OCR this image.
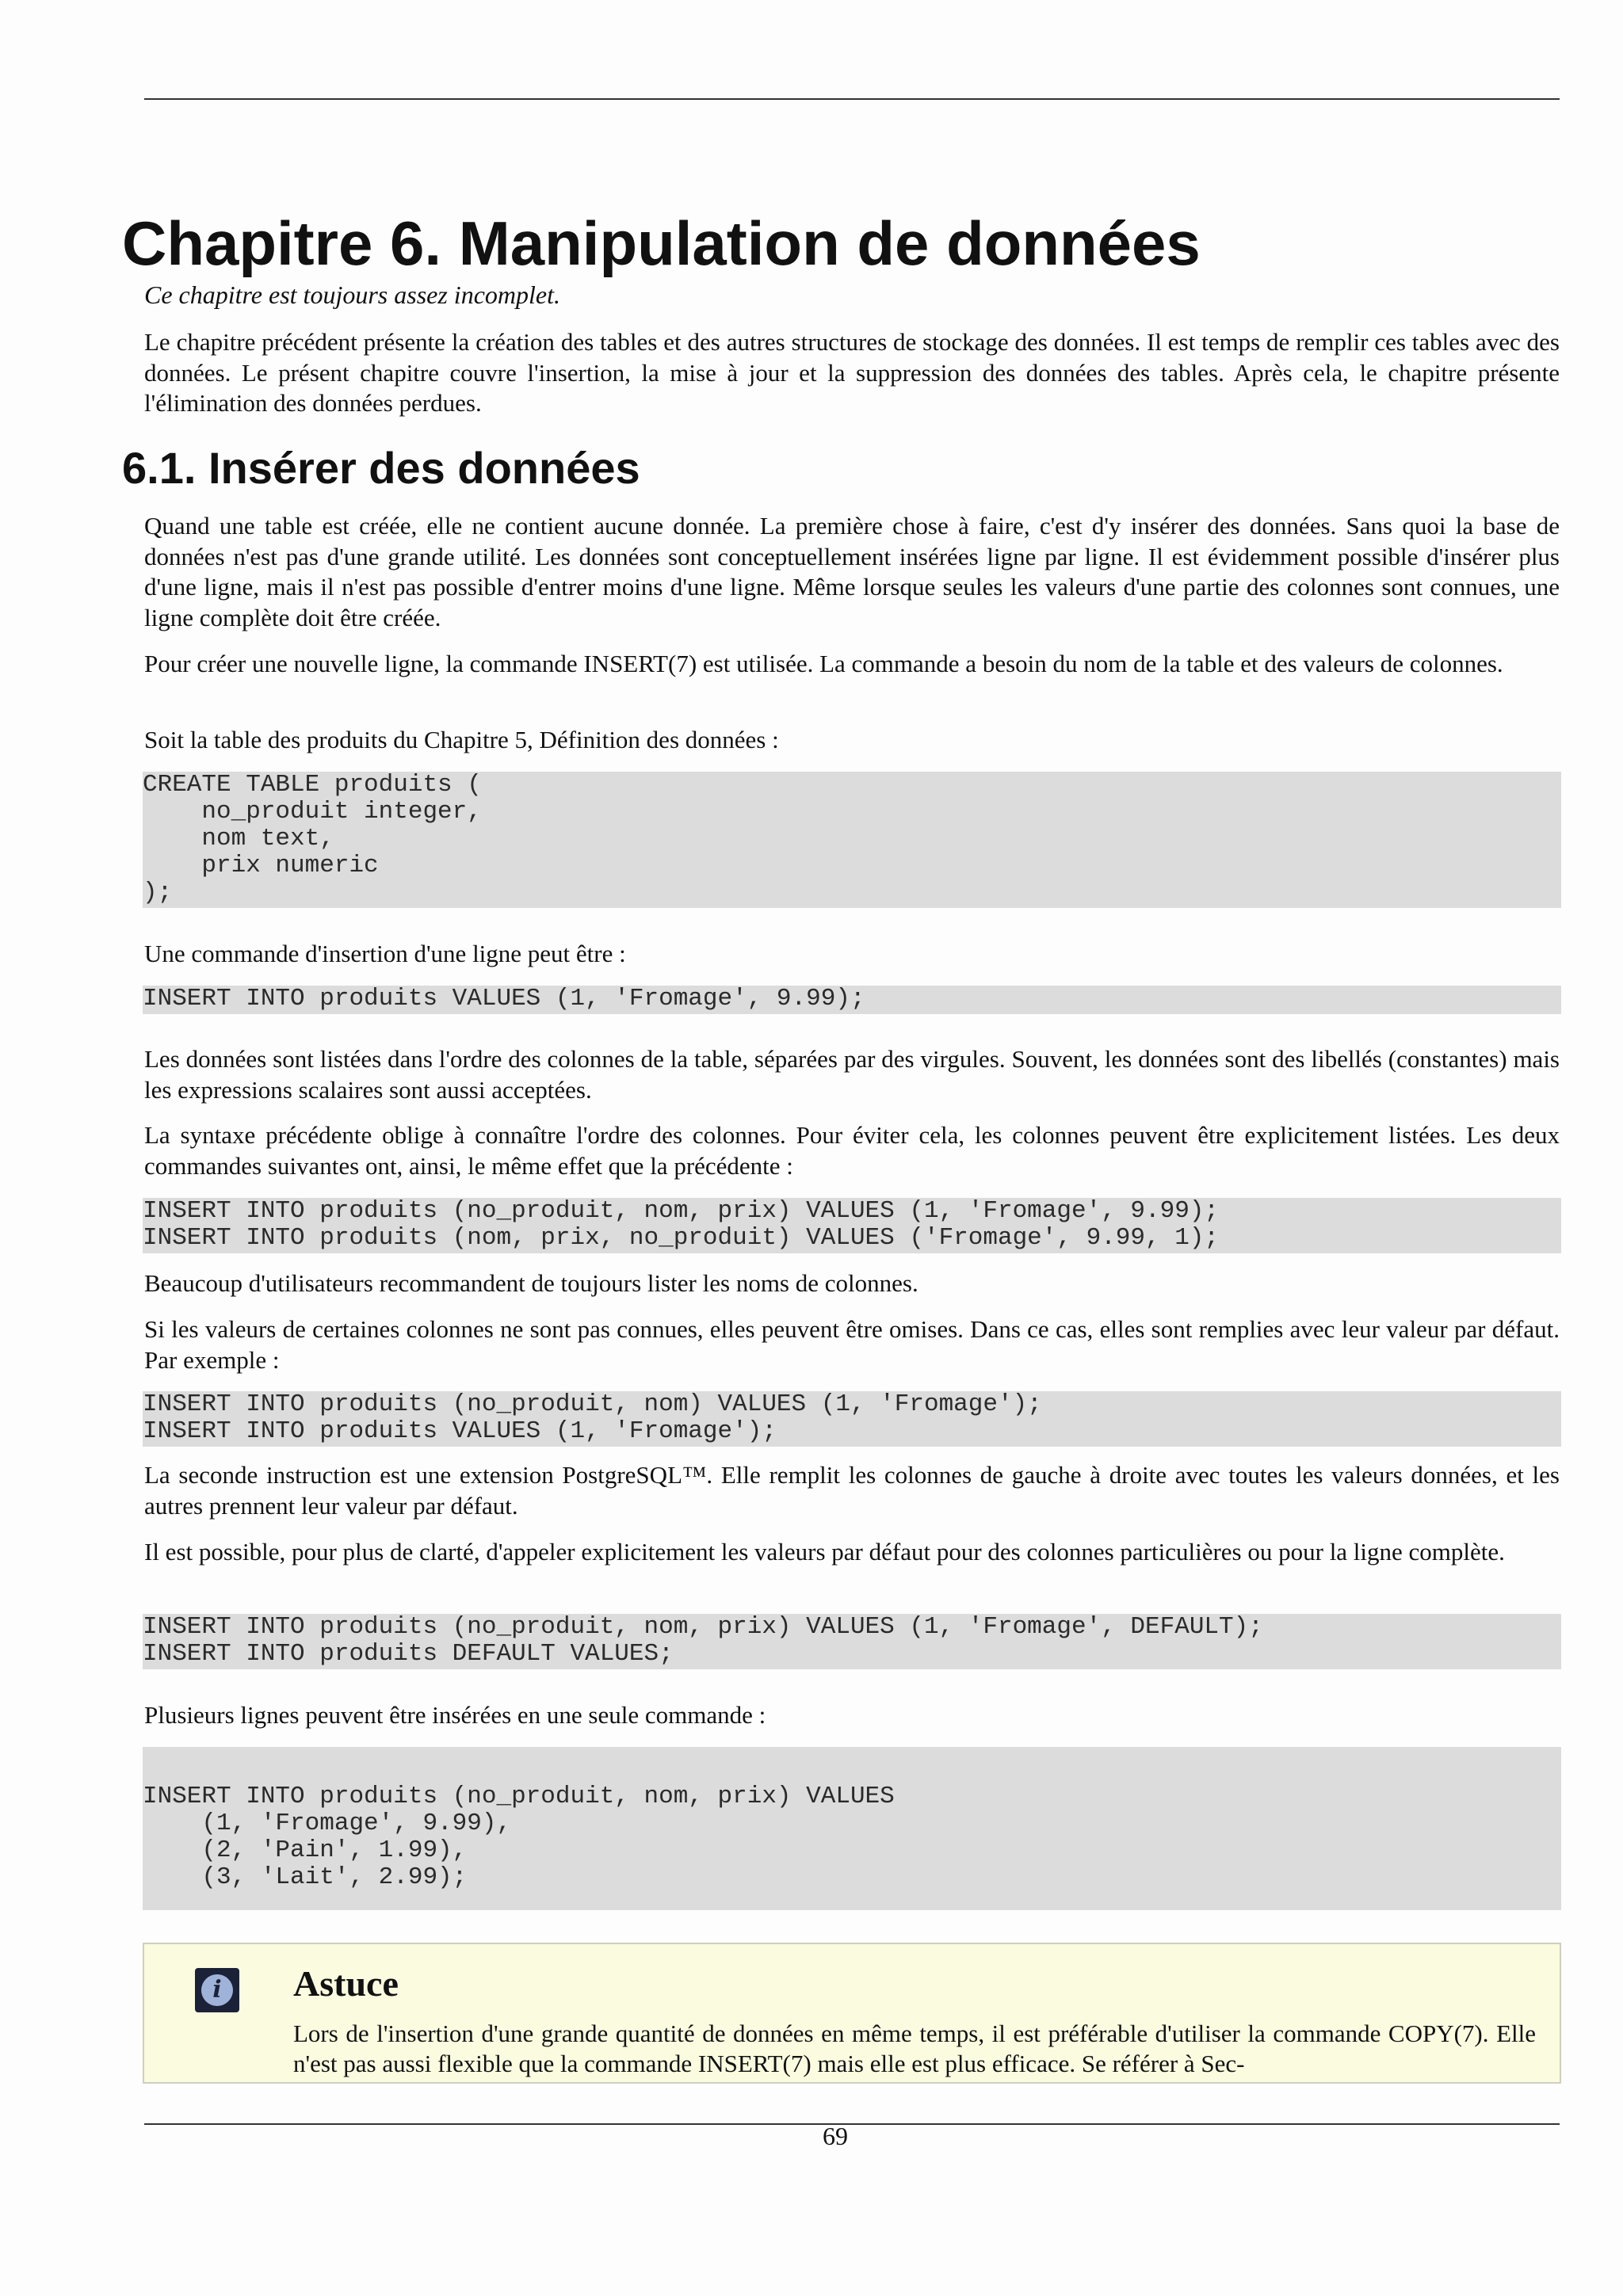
Chapitre 6. Manipulation de données
Ce chapitre est toujours assez incomplet.
Le chapitre précédent présente la création des tables et des autres structures de stockage des données. Il est temps de remplir ces tables avec des données. Le présent chapitre couvre l'insertion, la mise à jour et la suppression des données des tables. Après cela, le chapitre présente l'élimination des données perdues.
6.1. Insérer des données
Quand une table est créée, elle ne contient aucune donnée. La première chose à faire, c'est d'y insérer des données. Sans quoi la base de données n'est pas d'une grande utilité. Les données sont conceptuellement insérées ligne par ligne. Il est évidemment possible d'insérer plus d'une ligne, mais il n'est pas possible d'entrer moins d'une ligne. Même lorsque seules les valeurs d'une partie des colonnes sont connues, une ligne complète doit être créée.
Pour créer une nouvelle ligne, la commande INSERT(7) est utilisée. La commande a besoin du nom de la table et des valeurs de colonnes.
Soit la table des produits du Chapitre 5, Définition des données :
CREATE TABLE produits (
no_produit integer,
nom text,
prix numeric
);
Une commande d'insertion d'une ligne peut être :
INSERT INTO produits VALUES (1, 'Fromage', 9.99);
Les données sont listées dans l'ordre des colonnes de la table, séparées par des virgules. Souvent, les données sont des libellés (constantes) mais les expressions scalaires sont aussi acceptées.
La syntaxe précédente oblige à connaître l'ordre des colonnes. Pour éviter cela, les colonnes peuvent être explicitement listées. Les deux commandes suivantes ont, ainsi, le même effet que la précédente :
INSERT INTO produits (no_produit, nom, prix) VALUES (1, 'Fromage', 9.99);
INSERT INTO produits (nom, prix, no_produit) VALUES ('Fromage', 9.99, 1);
Beaucoup d'utilisateurs recommandent de toujours lister les noms de colonnes.
Si les valeurs de certaines colonnes ne sont pas connues, elles peuvent être omises. Dans ce cas, elles sont remplies avec leur valeur par défaut. Par exemple :
INSERT INTO produits (no_produit, nom) VALUES (1, 'Fromage');
INSERT INTO produits VALUES (1, 'Fromage');
La seconde instruction est une extension PostgreSQL™. Elle remplit les colonnes de gauche à droite avec toutes les valeurs données, et les autres prennent leur valeur par défaut.
Il est possible, pour plus de clarté, d'appeler explicitement les valeurs par défaut pour des colonnes particulières ou pour la ligne complète.
INSERT INTO produits (no_produit, nom, prix) VALUES (1, 'Fromage', DEFAULT);
INSERT INTO produits DEFAULT VALUES;
Plusieurs lignes peuvent être insérées en une seule commande :
INSERT INTO produits (no_produit, nom, prix) VALUES
(1, 'Fromage', 9.99),
(2, 'Pain', 1.99),
(3, 'Lait', 2.99);
i	Astuce
Lors de l'insertion d'une grande quantité de données en même temps, il est préférable d'utiliser la commande COPY(7). Elle n'est pas aussi flexible que la commande INSERT(7) mais elle est plus efficace. Se référer à Sec-
69
